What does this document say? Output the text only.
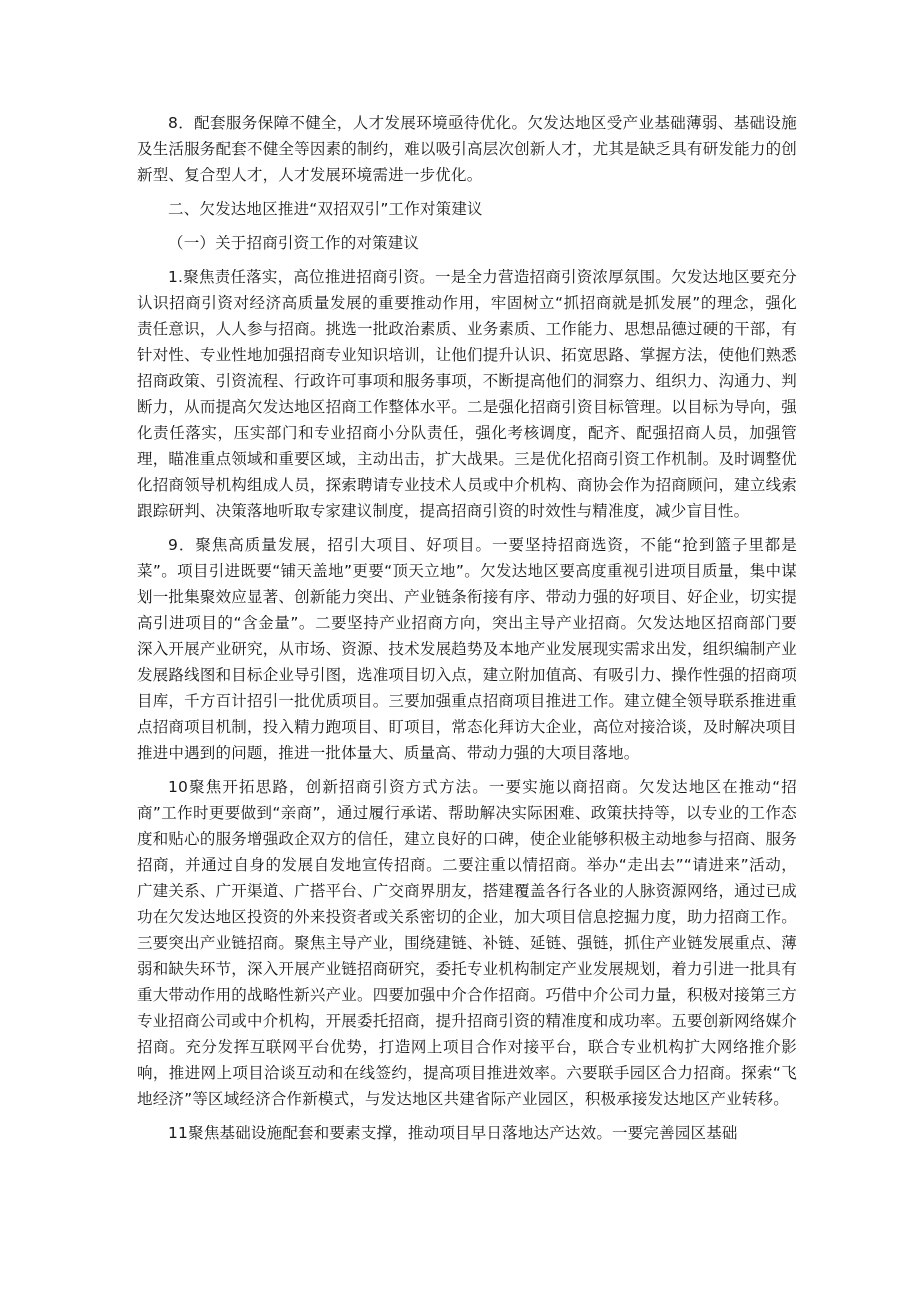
8．配套服务保障不健全，人才发展环境亟待优化。欠发达地区受产业基础薄弱、基础设施及生活服务配套不健全等因素的制约，难以吸引高层次创新人才，尤其是缺乏具有研发能力的创新型、复合型人才，人才发展环境需进一步优化。

二、欠发达地区推进“双招双引”工作对策建议

（一）关于招商引资工作的对策建议

1.聚焦责任落实，高位推进招商引资。一是全力营造招商引资浓厚氛围。欠发达地区要充分认识招商引资对经济高质量发展的重要推动作用，牢固树立“抓招商就是抓发展”的理念，强化责任意识，人人参与招商。挑选一批政治素质、业务素质、工作能力、思想品德过硬的干部，有针对性、专业性地加强招商专业知识培训，让他们提升认识、拓宽思路、掌握方法，使他们熟悉招商政策、引资流程、行政许可事项和服务事项，不断提高他们的洞察力、组织力、沟通力、判断力，从而提高欠发达地区招商工作整体水平。二是强化招商引资目标管理。以目标为导向，强化责任落实，压实部门和专业招商小分队责任，强化考核调度，配齐、配强招商人员，加强管理，瞄准重点领域和重要区域，主动出击，扩大战果。三是优化招商引资工作机制。及时调整优化招商领导机构组成人员，探索聘请专业技术人员或中介机构、商协会作为招商顾问，建立线索跟踪研判、决策落地听取专家建议制度，提高招商引资的时效性与精准度，减少盲目性。

9．聚焦高质量发展，招引大项目、好项目。一要坚持招商选资，不能“抢到篮子里都是菜”。项目引进既要“铺天盖地”更要“顶天立地”。欠发达地区要高度重视引进项目质量，集中谋划一批集聚效应显著、创新能力突出、产业链条衔接有序、带动力强的好项目、好企业，切实提高引进项目的“含金量”。二要坚持产业招商方向，突出主导产业招商。欠发达地区招商部门要深入开展产业研究，从市场、资源、技术发展趋势及本地产业发展现实需求出发，组织编制产业发展路线图和目标企业导引图，选准项目切入点，建立附加值高、有吸引力、操作性强的招商项目库，千方百计招引一批优质项目。三要加强重点招商项目推进工作。建立健全领导联系推进重点招商项目机制，投入精力跑项目、盯项目，常态化拜访大企业，高位对接洽谈，及时解决项目推进中遇到的问题，推进一批体量大、质量高、带动力强的大项目落地。

10聚焦开拓思路，创新招商引资方式方法。一要实施以商招商。欠发达地区在推动“招商”工作时更要做到“亲商”，通过履行承诺、帮助解决实际困难、政策扶持等，以专业的工作态度和贴心的服务增强政企双方的信任，建立良好的口碑，使企业能够积极主动地参与招商、服务招商，并通过自身的发展自发地宣传招商。二要注重以情招商。举办“走出去”“请进来”活动，广建关系、广开渠道、广搭平台、广交商界朋友，搭建覆盖各行各业的人脉资源网络，通过已成功在欠发达地区投资的外来投资者或关系密切的企业，加大项目信息挖掘力度，助力招商工作。三要突出产业链招商。聚焦主导产业，围绕建链、补链、延链、强链，抓住产业链发展重点、薄弱和缺失环节，深入开展产业链招商研究，委托专业机构制定产业发展规划，着力引进一批具有重大带动作用的战略性新兴产业。四要加强中介合作招商。巧借中介公司力量，积极对接第三方专业招商公司或中介机构，开展委托招商，提升招商引资的精准度和成功率。五要创新网络媒介招商。充分发挥互联网平台优势，打造网上项目合作对接平台，联合专业机构扩大网络推介影响，推进网上项目洽谈互动和在线签约，提高项目推进效率。六要联手园区合力招商。探索“飞地经济”等区域经济合作新模式，与发达地区共建省际产业园区，积极承接发达地区产业转移。

11聚焦基础设施配套和要素支撑，推动项目早日落地达产达效。一要完善园区基础
